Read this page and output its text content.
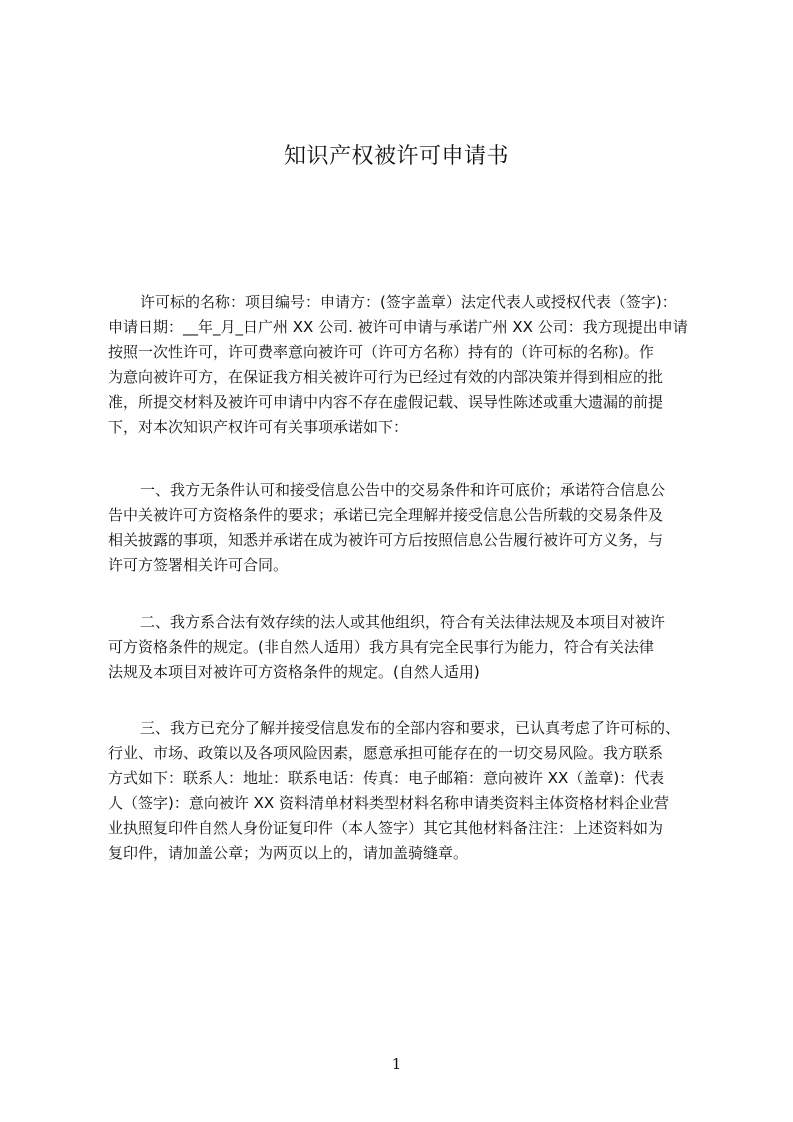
知识产权被许可申请书

许可标的名称：项目编号：申请方：(签字盖章）法定代表人或授权代表（签字)：
申请日期：__年_月_日广州 XX 公司. 被许可申请与承诺广州 XX 公司：我方现提出申请
按照一次性许可，许可费率意向被许可（许可方名称）持有的（许可标的名称)。作
为意向被许可方，在保证我方相关被许可行为已经过有效的内部决策并得到相应的批
准，所提交材料及被许可申请中内容不存在虚假记载、误导性陈述或重大遗漏的前提
下，对本次知识产权许可有关事项承诺如下：

一、我方无条件认可和接受信息公告中的交易条件和许可底价；承诺符合信息公
告中关被许可方资格条件的要求；承诺已完全理解并接受信息公告所载的交易条件及
相关披露的事项，知悉并承诺在成为被许可方后按照信息公告履行被许可方义务，与
许可方签署相关许可合同。

二、我方系合法有效存续的法人或其他组织，符合有关法律法规及本项目对被许
可方资格条件的规定。(非自然人适用）我方具有完全民事行为能力，符合有关法律
法规及本项目对被许可方资格条件的规定。(自然人适用)

三、我方已充分了解并接受信息发布的全部内容和要求，已认真考虑了许可标的、
行业、市场、政策以及各项风险因素，愿意承担可能存在的一切交易风险。我方联系
方式如下：联系人：地址：联系电话：传真：电子邮箱：意向被许 XX（盖章)：代表
人（签字)：意向被许 XX 资料清单材料类型材料名称申请类资料主体资格材料企业营
业执照复印件自然人身份证复印件（本人签字）其它其他材料备注注：上述资料如为
复印件，请加盖公章；为两页以上的，请加盖骑缝章。

1
